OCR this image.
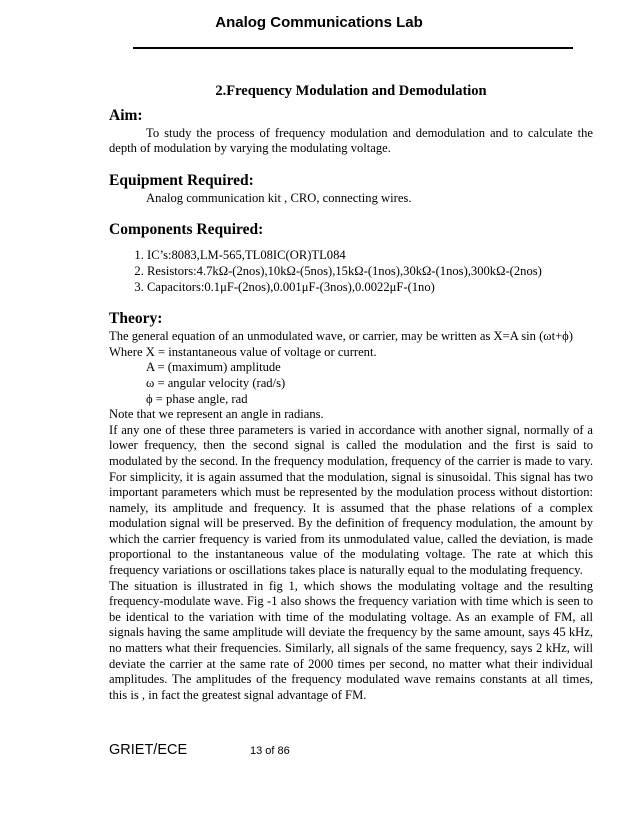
Analog Communications Lab
2.Frequency Modulation and Demodulation
Aim:

To study the process of frequency modulation and demodulation and to calculate the depth of modulation by varying the modulating voltage.

Equipment Required:

Analog communication kit , CRO, connecting wires.

Components Required:
1. IC’s:8083,LM-565,TL08IC(OR)TL084
2. Resistors:4.7kΩ-(2nos),10kΩ-(5nos),15kΩ-(1nos),30kΩ-(1nos),300kΩ-(2nos)
3. Capacitors:0.1μF-(2nos),0.001μF-(3nos),0.0022μF-(1no)
Theory:

The general equation of an unmodulated wave, or carrier, may be written as X=A sin (ωt+ϕ)

Where X = instantaneous value of voltage or current.

A = (maximum) amplitude

ω = angular velocity (rad/s)

ϕ = phase angle, rad

Note that we represent an angle in radians.

If any one of these three parameters is varied in accordance with another signal, normally of a lower frequency, then the second signal is called the modulation and the first is said to modulated by the second. In the frequency modulation, frequency of the carrier is made to vary. For simplicity, it is again assumed that the modulation, signal is sinusoidal. This signal has two important parameters which must be represented by the modulation process without distortion: namely, its amplitude and frequency. It is assumed that the phase relations of a complex modulation signal will be preserved. By the definition of frequency modulation, the amount by which the carrier frequency is varied from its unmodulated value, called the deviation, is made proportional to the instantaneous value of the modulating voltage. The rate at which this frequency variations or oscillations takes place is naturally equal to the modulating frequency.

The situation is illustrated in fig 1, which shows the modulating voltage and the resulting frequency-modulate wave. Fig -1 also shows the frequency variation with time which is seen to be identical to the variation with time of the modulating voltage. As an example of FM, all signals having the same amplitude will deviate the frequency by the same amount, says 45 kHz, no matters what their frequencies. Similarly, all signals of the same frequency, says 2 kHz, will deviate the carrier at the same rate of 2000 times per second, no matter what their individual amplitudes. The amplitudes of the frequency modulated wave remains constants at all times, this is , in fact the greatest signal advantage of FM.

GRIET/ECE	13 of 86
